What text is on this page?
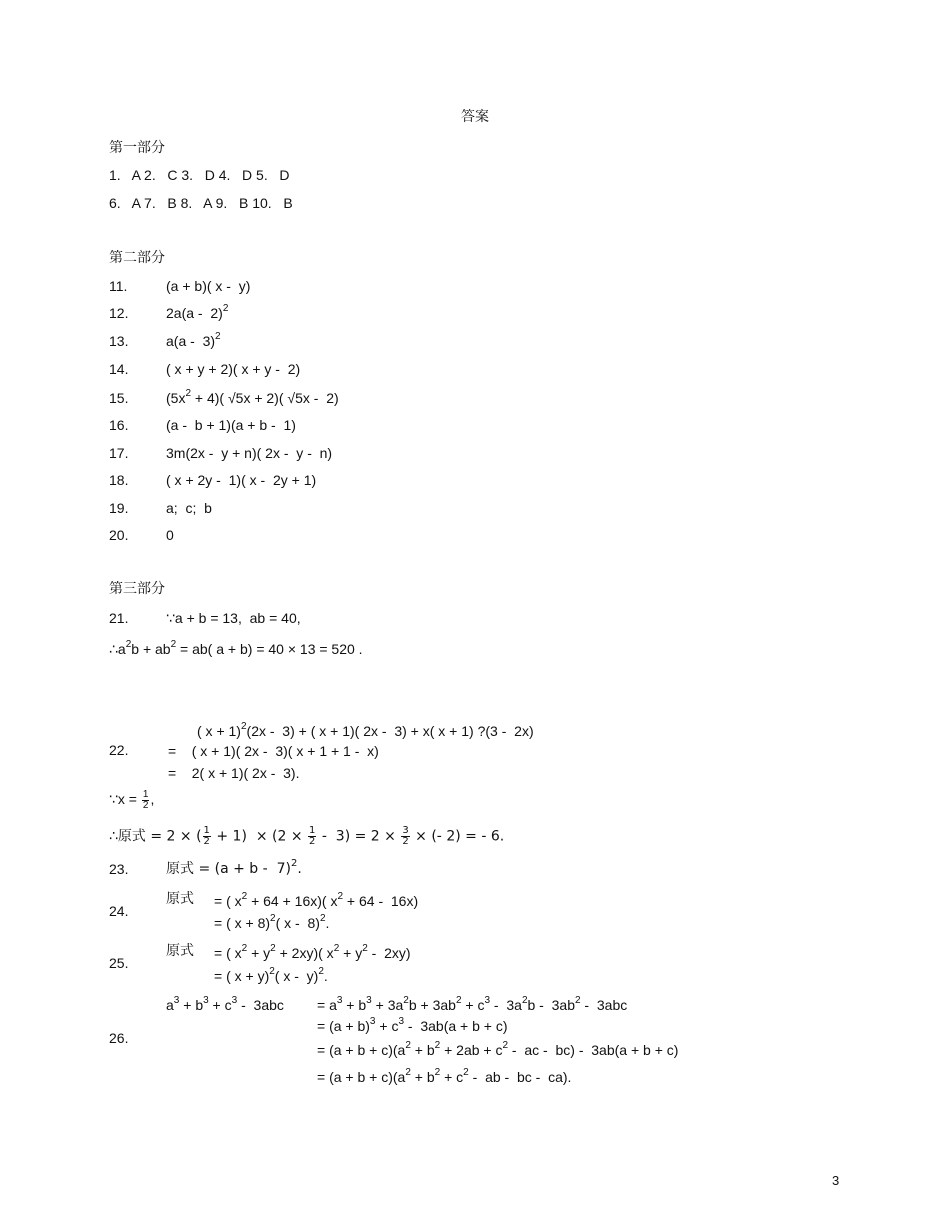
答案
第一部分
1.   A 2.   C 3.   D 4.   D 5.   D
6.   A 7.   B 8.   A 9.   B 10.   B
第二部分
11.	(a + b)( x -  y)
12.	2a(a -  2)$^2$
13.	a(a -  3)$^2$
14.	( x + y + 2)( x + y -  2)
15.	$(5x^2 + 4)$( √5x + 2)( √5x -  2)
16.	(a -  b + 1)(a + b -  1)
17.	3m(2x -  y + n)( 2x -  y -  n)
18.	( x + 2y -  1)( x -  2y + 1)
19.	a;  c;  b
20.	0
第三部分
21.	∵a + b = 13,  ab = 40,
$\therefore a^2b + ab^2 = ab$( a + b) = 40 × 13 = 520 .
( x + 1)$^2$(2x -  3) + ( x + 1)( 2x -  3) + x( x + 1) ?(3 -  2x)
22.	=    ( x + 1)( 2x -  3)( x + 1 + 1 -  x)
=    2( x + 1)( 2x -  3).
∵x = $\frac{1}{2}$ ,
∴原式 = 2 × ( $\frac{1}{2} + 1) \times (2 \times \frac{1}{2} - 3) = 2 \times \frac{3}{2}$ × (- 2) = - 6.
23.	原式 = $(a + b - 7)^2$.
原式 = ( $x^2 + 64 + 16x$)( $x^2 + 64 - 16x$)
24.
= ( x + 8)$^2$( x -  8)$^2$.
原式 = ( $x^2 + y^2 + 2xy$)( $x^2 + y^2 - 2xy$)
25.
= ( x + y)$^2$( x -  y)$^2$.
$a^3 + b^3 + c^3 - 3abc = a^3 + b^3 + 3a^2b + 3ab^2 + c^3 - 3a^2b - 3ab^2 - 3abc$
= $(a + b)^3 + c^3 - 3ab(a + b + c)$
26.
= $(a + b + c)(a^2 + b^2 + 2ab + c^2$ -  ac -  bc) -  3ab(a + b + c)
= $(a + b + c)(a^2 + b^2 + c^2$ -  ab -  bc -  ca).
3
